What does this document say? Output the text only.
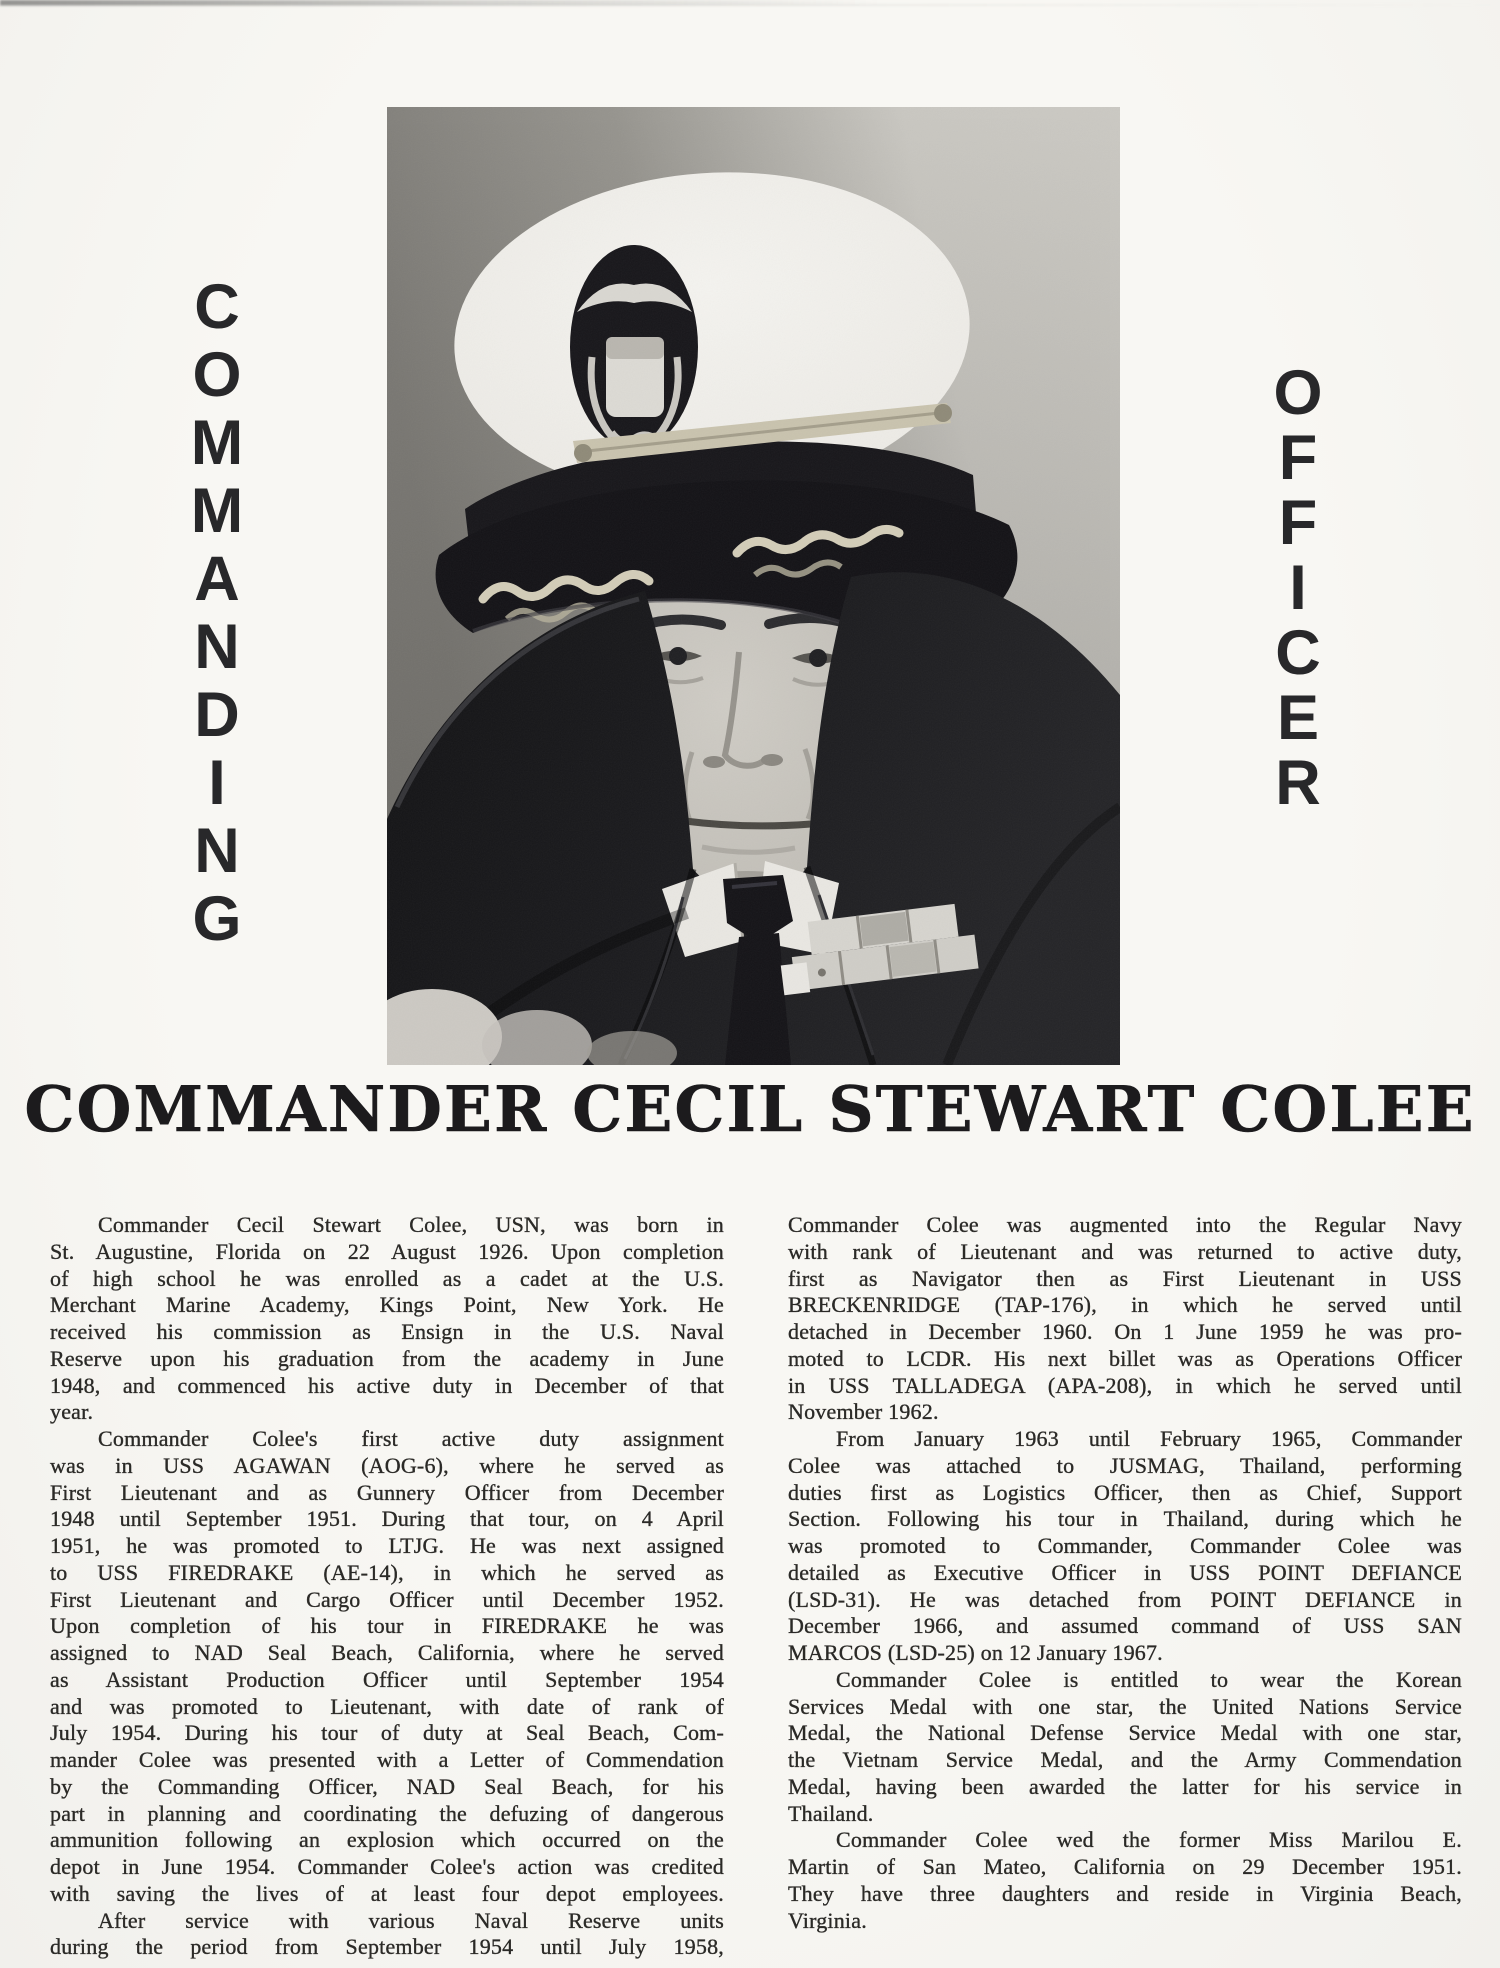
COMMANDING	OFFICER
COMMANDER CECIL STEWART COLEE
Commander Cecil Stewart Colee, USN, was born in
St. Augustine, Florida on 22 August 1926. Upon completion
of high school he was enrolled as a cadet at the U.S.
Merchant Marine Academy, Kings Point, New York. He
received his commission as Ensign in the U.S. Naval
Reserve upon his graduation from the academy in June
1948, and commenced his active duty in December of that
year.
Commander Colee's first active duty assignment
was in USS AGAWAN (AOG-6), where he served as
First Lieutenant and as Gunnery Officer from December
1948 until September 1951. During that tour, on 4 April
1951, he was promoted to LTJG. He was next assigned
to USS FIREDRAKE (AE-14), in which he served as
First Lieutenant and Cargo Officer until December 1952.
Upon completion of his tour in FIREDRAKE he was
assigned to NAD Seal Beach, California, where he served
as Assistant Production Officer until September 1954
and was promoted to Lieutenant, with date of rank of
July 1954. During his tour of duty at Seal Beach, Com-
mander Colee was presented with a Letter of Commendation
by the Commanding Officer, NAD Seal Beach, for his
part in planning and coordinating the defuzing of dangerous
ammunition following an explosion which occurred on the
depot in June 1954. Commander Colee's action was credited
with saving the lives of at least four depot employees.
After service with various Naval Reserve units
during the period from September 1954 until July 1958,
Commander Colee was augmented into the Regular Navy
with rank of Lieutenant and was returned to active duty,
first as Navigator then as First Lieutenant in USS
BRECKENRIDGE (TAP-176), in which he served until
detached in December 1960. On 1 June 1959 he was pro-
moted to LCDR. His next billet was as Operations Officer
in USS TALLADEGA (APA-208), in which he served until
November 1962.
From January 1963 until February 1965, Commander
Colee was attached to JUSMAG, Thailand, performing
duties first as Logistics Officer, then as Chief, Support
Section. Following his tour in Thailand, during which he
was promoted to Commander, Commander Colee was
detailed as Executive Officer in USS POINT DEFIANCE
(LSD-31). He was detached from POINT DEFIANCE in
December 1966, and assumed command of USS SAN
MARCOS (LSD-25) on 12 January 1967.
Commander Colee is entitled to wear the Korean
Services Medal with one star, the United Nations Service
Medal, the National Defense Service Medal with one star,
the Vietnam Service Medal, and the Army Commendation
Medal, having been awarded the latter for his service in
Thailand.
Commander Colee wed the former Miss Marilou E.
Martin of San Mateo, California on 29 December 1951.
They have three daughters and reside in Virginia Beach,
Virginia.
